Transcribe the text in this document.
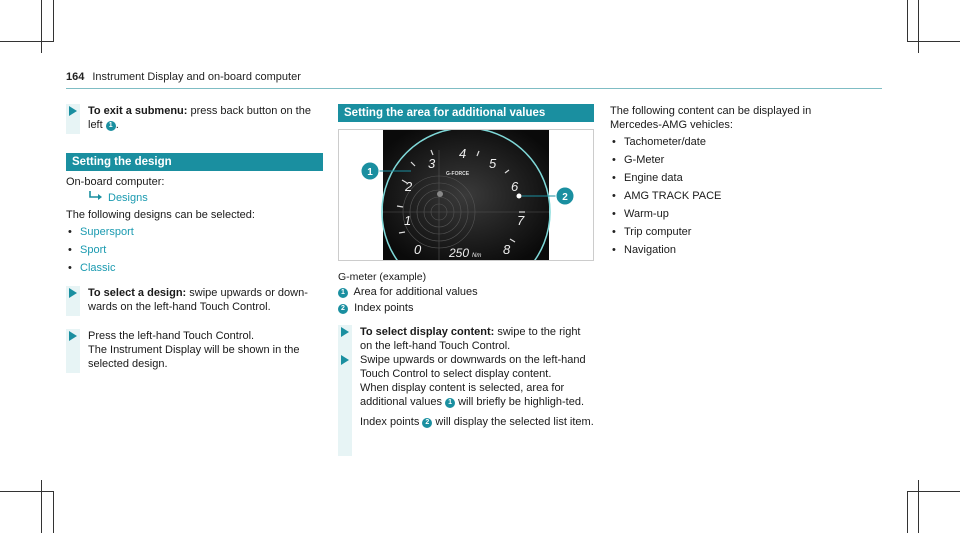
164 Instrument Display and on-board computer
To exit a submenu: press back button on the left 1 .
Setting the design
On-board computer:
Designs
The following designs can be selected:
• Supersport
• Sport
• Classic
To select a design: swipe upwards or down-wards on the left-hand Touch Control.
Press the left-hand Touch Control.
The Instrument Display will be shown in the selected design.
Setting the area for additional values
0
1
2
3
4
5
6
7
8
G-FORCE
250 Nm
1
2
G-meter (example)
1 Area for additional values
2 Index points
To select display content: swipe to the right on the left-hand Touch Control.
Swipe upwards or downwards on the left-hand Touch Control to select display content.
When display content is selected, area for additional values 1 will briefly be highligh-ted.
Index points 2 will display the selected list item.
The following content can be displayed in Mercedes-AMG vehicles:
• Tachometer/date
• G-Meter
• Engine data
• AMG TRACK PACE
• Warm-up
• Trip computer
• Navigation
